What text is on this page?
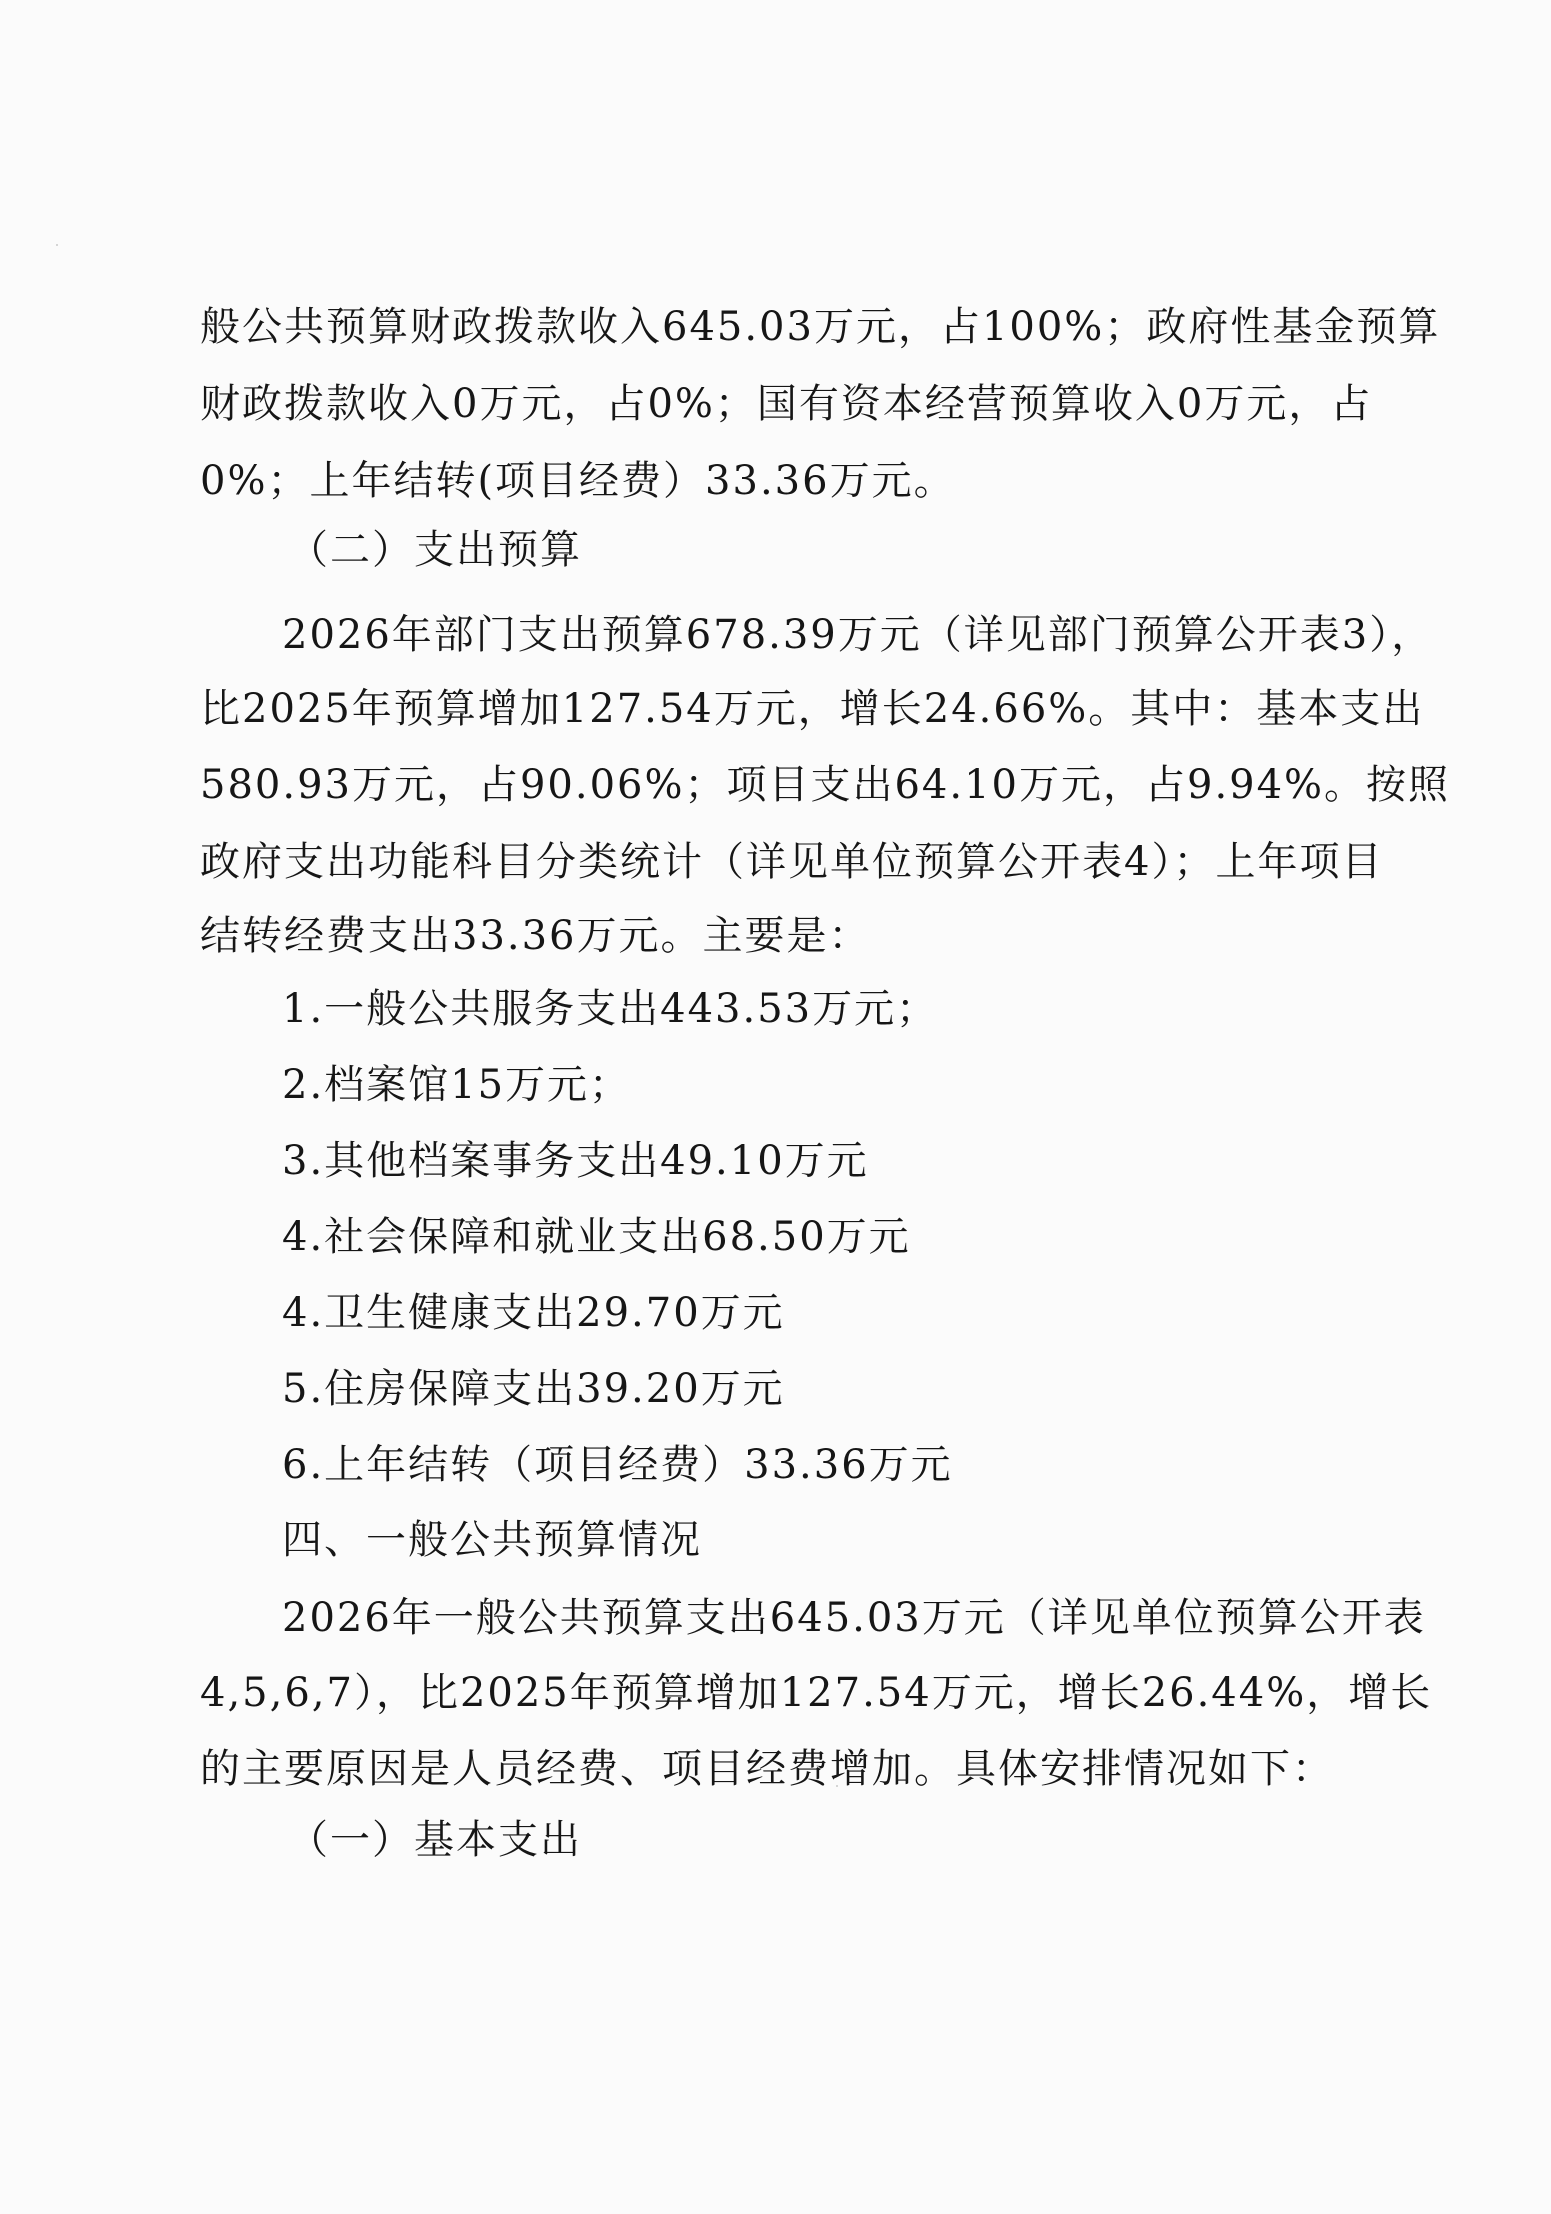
般公共预算财政拨款收入645.03万元，占100%；政府性基金预算
财政拨款收入0万元，占0%；国有资本经营预算收入0万元，占
0%；上年结转(项目经费）33.36万元。
（二）支出预算
2026年部门支出预算678.39万元（详见部门预算公开表3），
比2025年预算增加127.54万元，增长24.66%。其中：基本支出
580.93万元，占90.06%；项目支出64.10万元，占9.94%。按照
政府支出功能科目分类统计（详见单位预算公开表4）；上年项目
结转经费支出33.36万元。主要是：
1.一般公共服务支出443.53万元；
2.档案馆15万元；
3.其他档案事务支出49.10万元
4.社会保障和就业支出68.50万元
4.卫生健康支出29.70万元
5.住房保障支出39.20万元
6.上年结转（项目经费）33.36万元
四、一般公共预算情况
2026年一般公共预算支出645.03万元（详见单位预算公开表
4,5,6,7），比2025年预算增加127.54万元，增长26.44%，增长
的主要原因是人员经费、项目经费增加。具体安排情况如下：
（一）基本支出
